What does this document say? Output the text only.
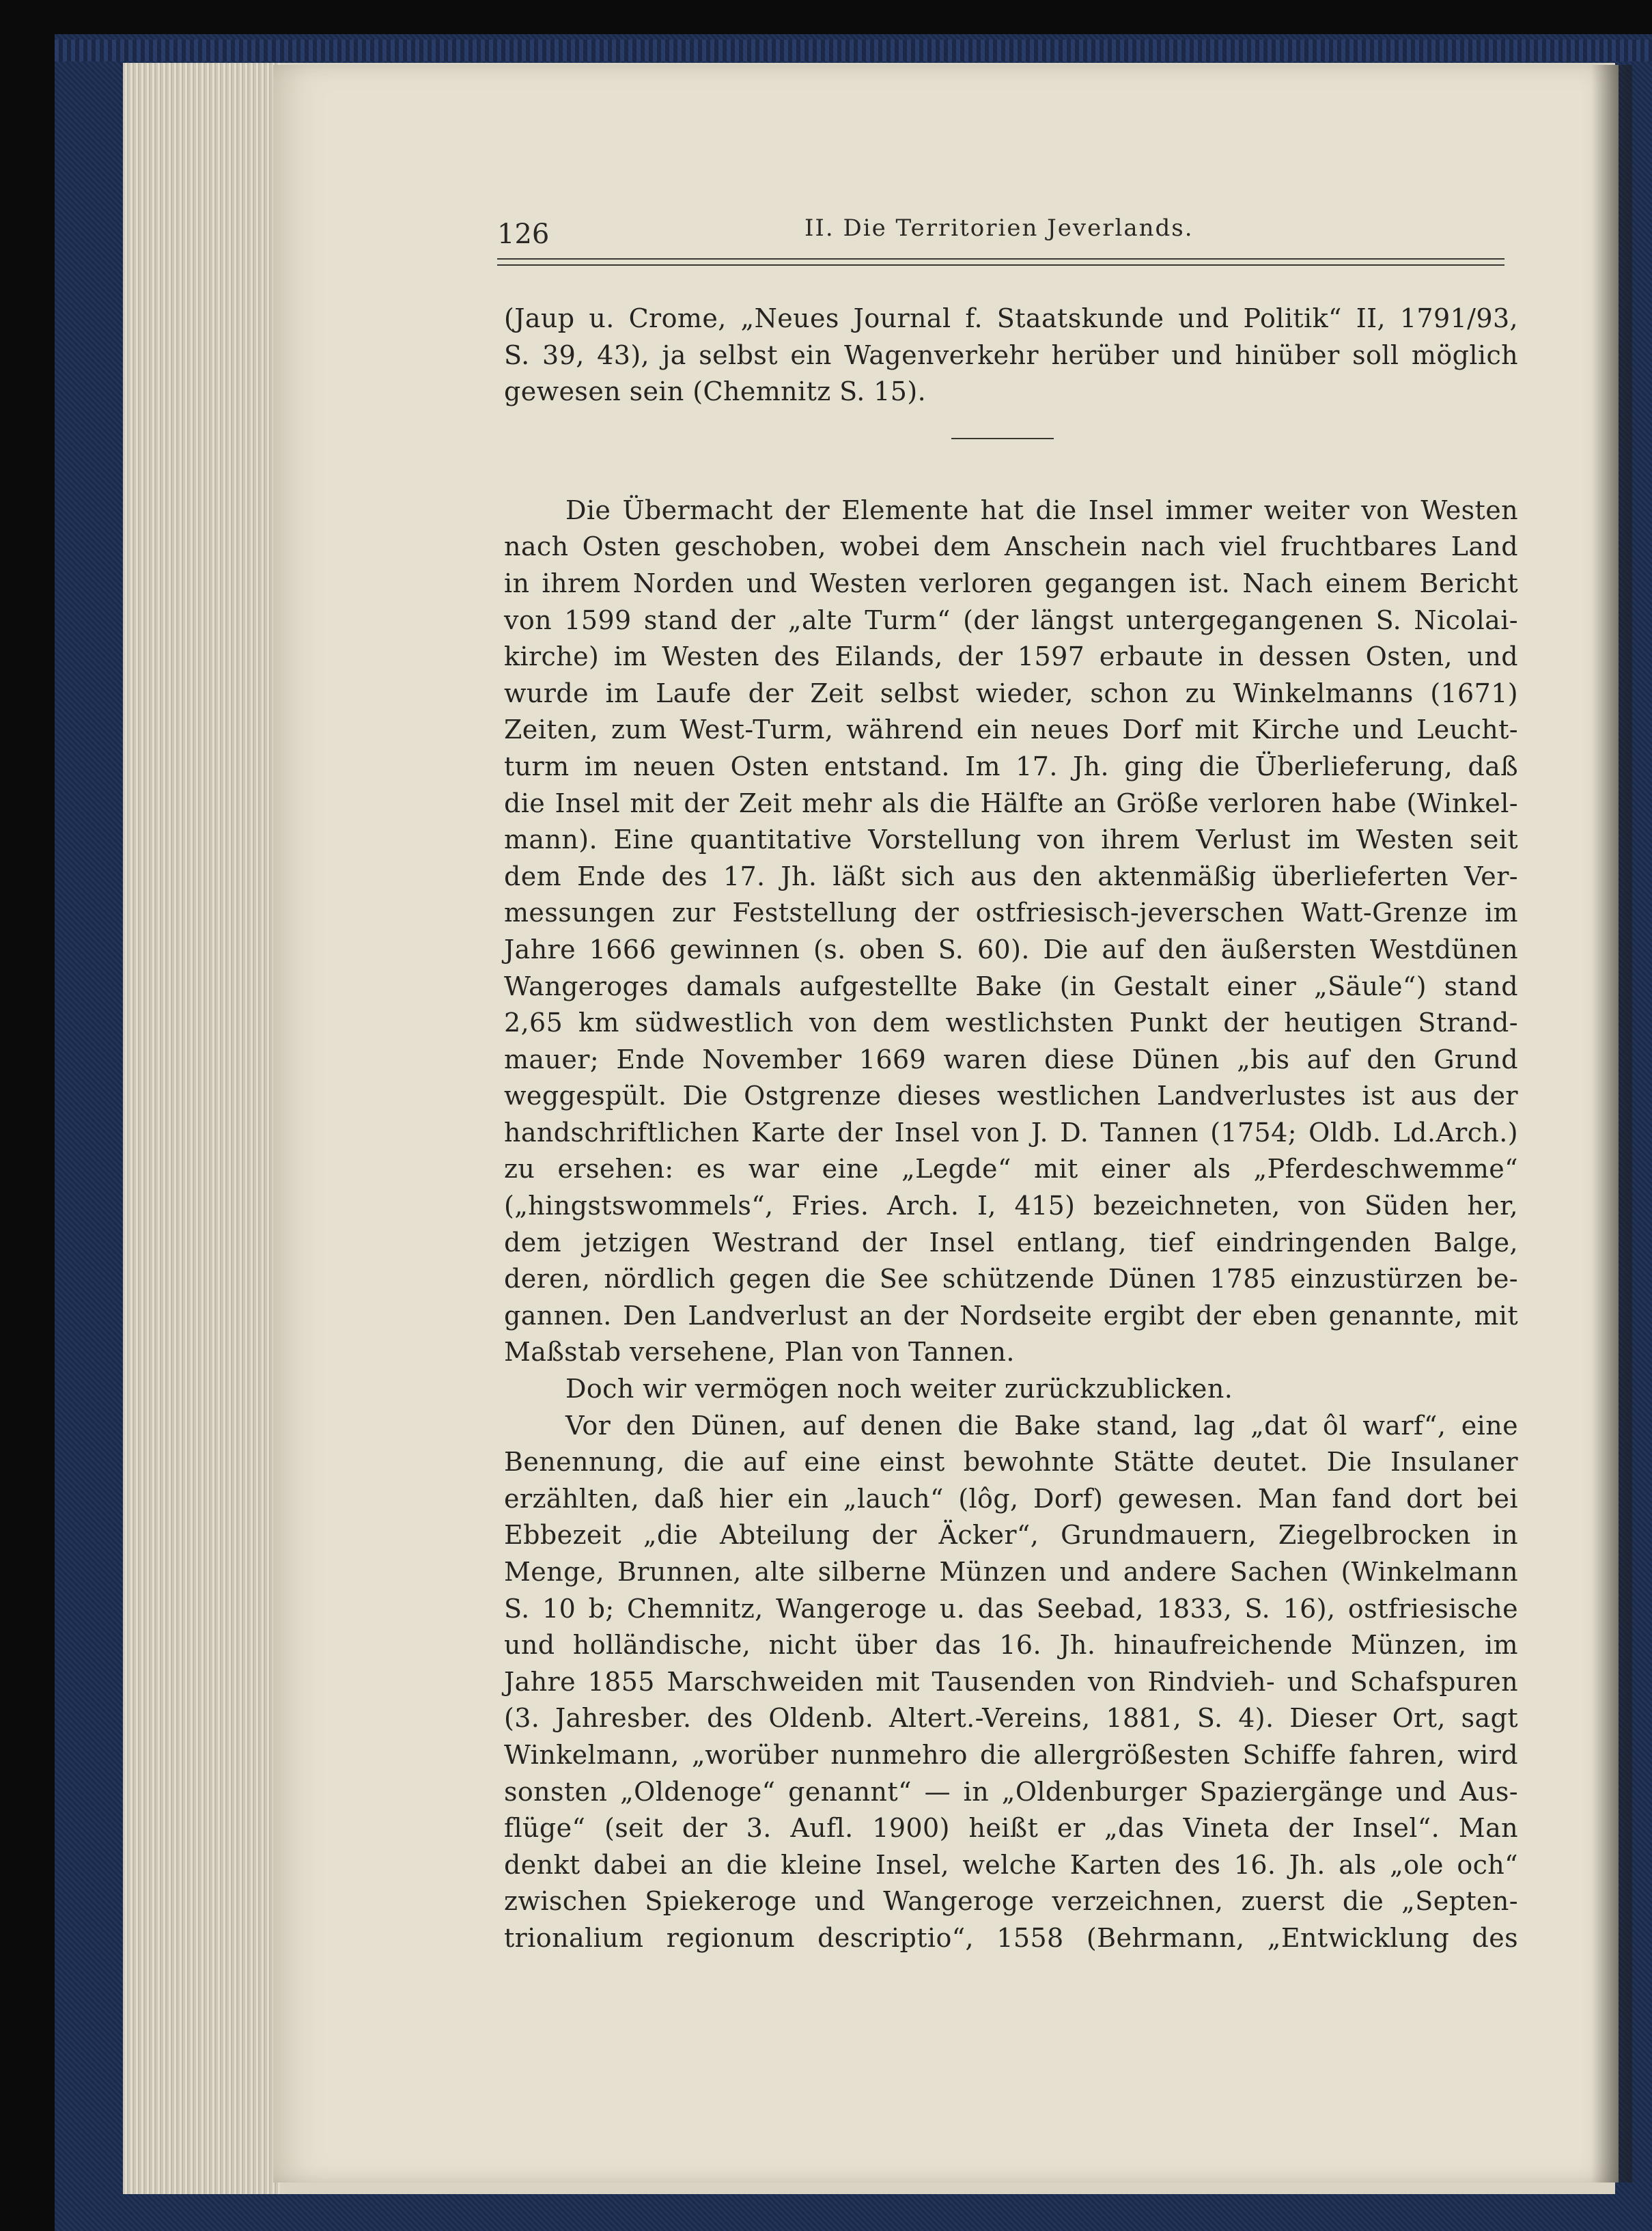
126	II. Die Territorien Jeverlands.
(Jaup u. Crome, „Neues Journal f. Staatskunde und Politik“ II, 1791/93,
S. 39, 43), ja selbst ein Wagenverkehr herüber und hinüber soll möglich
gewesen sein (Chemnitz S. 15).
Die Übermacht der Elemente hat die Insel immer weiter von Westen
nach Osten geschoben, wobei dem Anschein nach viel fruchtbares Land
in ihrem Norden und Westen verloren gegangen ist. Nach einem Bericht
von 1599 stand der „alte Turm“ (der längst untergegangenen S. Nicolai-
kirche) im Westen des Eilands, der 1597 erbaute in dessen Osten, und
wurde im Laufe der Zeit selbst wieder, schon zu Winkelmanns (1671)
Zeiten, zum West-Turm, während ein neues Dorf mit Kirche und Leucht-
turm im neuen Osten entstand. Im 17. Jh. ging die Überlieferung, daß
die Insel mit der Zeit mehr als die Hälfte an Größe verloren habe (Winkel-
mann). Eine quantitative Vorstellung von ihrem Verlust im Westen seit
dem Ende des 17. Jh. läßt sich aus den aktenmäßig überlieferten Ver-
messungen zur Feststellung der ostfriesisch-jeverschen Watt-Grenze im
Jahre 1666 gewinnen (s. oben S. 60). Die auf den äußersten Westdünen
Wangeroges damals aufgestellte Bake (in Gestalt einer „Säule“) stand
2,65 km südwestlich von dem westlichsten Punkt der heutigen Strand-
mauer; Ende November 1669 waren diese Dünen „bis auf den Grund
weggespült. Die Ostgrenze dieses westlichen Landverlustes ist aus der
handschriftlichen Karte der Insel von J. D. Tannen (1754; Oldb. Ld.Arch.)
zu ersehen: es war eine „Legde“ mit einer als „Pferdeschwemme“
(„hingstswommels“, Fries. Arch. I, 415) bezeichneten, von Süden her,
dem jetzigen Westrand der Insel entlang, tief eindringenden Balge,
deren, nördlich gegen die See schützende Dünen 1785 einzustürzen be-
gannen. Den Landverlust an der Nordseite ergibt der eben genannte, mit
Maßstab versehene, Plan von Tannen.
Doch wir vermögen noch weiter zurückzublicken.
Vor den Dünen, auf denen die Bake stand, lag „dat ôl warf“, eine
Benennung, die auf eine einst bewohnte Stätte deutet. Die Insulaner
erzählten, daß hier ein „lauch“ (lôg, Dorf) gewesen. Man fand dort bei
Ebbezeit „die Abteilung der Äcker“, Grundmauern, Ziegelbrocken in
Menge, Brunnen, alte silberne Münzen und andere Sachen (Winkelmann
S. 10 b; Chemnitz, Wangeroge u. das Seebad, 1833, S. 16), ostfriesische
und holländische, nicht über das 16. Jh. hinaufreichende Münzen, im
Jahre 1855 Marschweiden mit Tausenden von Rindvieh- und Schafspuren
(3. Jahresber. des Oldenb. Altert.-Vereins, 1881, S. 4). Dieser Ort, sagt
Winkelmann, „worüber nunmehro die allergrößesten Schiffe fahren, wird
sonsten „Oldenoge“ genannt“ — in „Oldenburger Spaziergänge und Aus-
flüge“ (seit der 3. Aufl. 1900) heißt er „das Vineta der Insel“. Man
denkt dabei an die kleine Insel, welche Karten des 16. Jh. als „ole och“
zwischen Spiekeroge und Wangeroge verzeichnen, zuerst die „Septen-
trionalium regionum descriptio“, 1558 (Behrmann, „Entwicklung des
